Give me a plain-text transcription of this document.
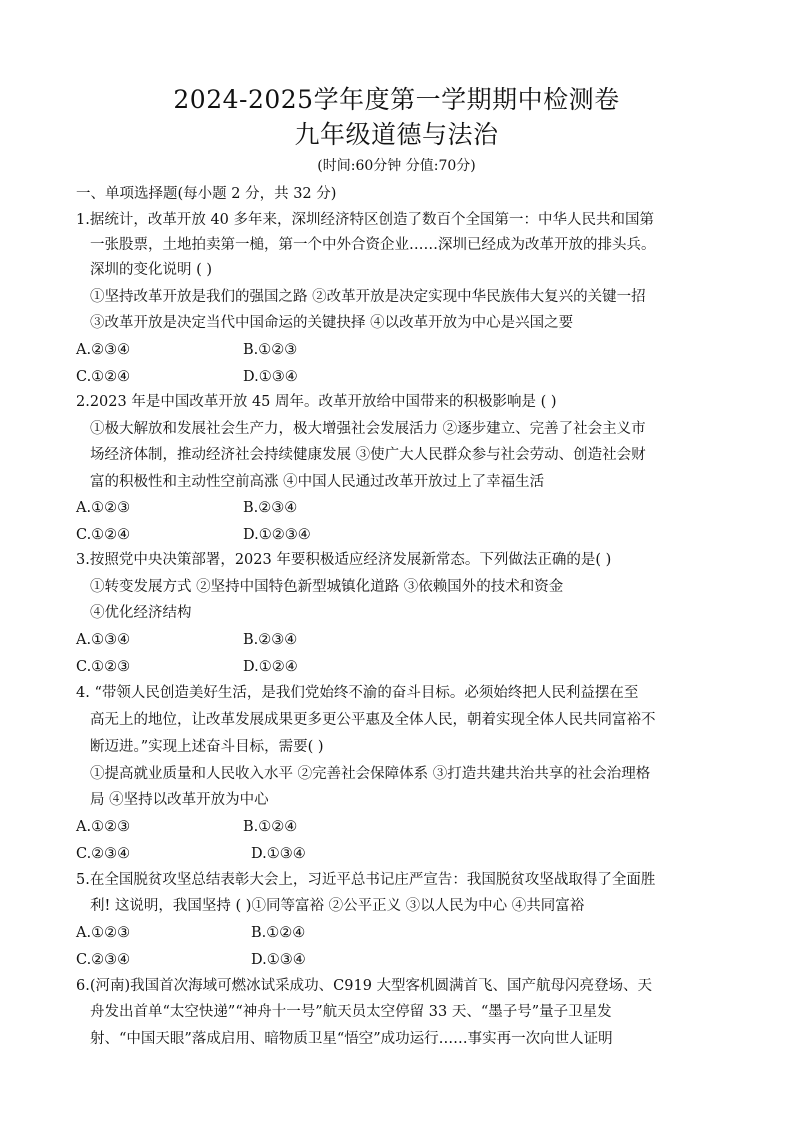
2024-2025学年度第一学期期中检测卷
九年级道德与法治
(时间:60分钟 分值:70分)
一、单项选择题(每小题 2 分，共 32 分)
1.据统计，改革开放 40 多年来，深圳经济特区创造了数百个全国第一：中华人民共和国第
一张股票，土地拍卖第一槌，第一个中外合资企业……深圳已经成为改革开放的排头兵。
深圳的变化说明 ( )
①坚持改革开放是我们的强国之路 ②改革开放是决定实现中华民族伟大复兴的关键一招
③改革开放是决定当代中国命运的关键抉择 ④以改革开放为中心是兴国之要
A.②③④	B.①②③
C.①②④	D.①③④
2.2023 年是中国改革开放 45 周年。改革开放给中国带来的积极影响是 ( )
①极大解放和发展社会生产力，极大增强社会发展活力 ②逐步建立、完善了社会主义市
场经济体制，推动经济社会持续健康发展 ③使广大人民群众参与社会劳动、创造社会财
富的积极性和主动性空前高涨 ④中国人民通过改革开放过上了幸福生活
A.①②③	B.②③④
C.①②④	D.①②③④
3.按照党中央决策部署，2023 年要积极适应经济发展新常态。下列做法正确的是( )
①转变发展方式 ②坚持中国特色新型城镇化道路 ③依赖国外的技术和资金
④优化经济结构
A.①③④	B.②③④
C.①②③	D.①②④
4. “带领人民创造美好生活，是我们党始终不渝的奋斗目标。必须始终把人民利益摆在至
高无上的地位，让改革发展成果更多更公平惠及全体人民，朝着实现全体人民共同富裕不
断迈进。”实现上述奋斗目标，需要( )
①提高就业质量和人民收入水平 ②完善社会保障体系 ③打造共建共治共享的社会治理格
局 ④坚持以改革开放为中心
A.①②③	B.①②④
C.②③④	D.①③④
5.在全国脱贫攻坚总结表彰大会上，习近平总书记庄严宣告：我国脱贫攻坚战取得了全面胜
利! 这说明，我国坚持 ( )①同等富裕 ②公平正义 ③以人民为中心 ④共同富裕
A.①②③	B.①②④
C.②③④	D.①③④
6.(河南)我国首次海域可燃冰试采成功、C919 大型客机圆满首飞、国产航母闪亮登场、天
舟发出首单“太空快递”“神舟十一号”航天员太空停留 33 天、“墨子号”量子卫星发
射、“中国天眼”落成启用、暗物质卫星“悟空”成功运行……事实再一次向世人证明
